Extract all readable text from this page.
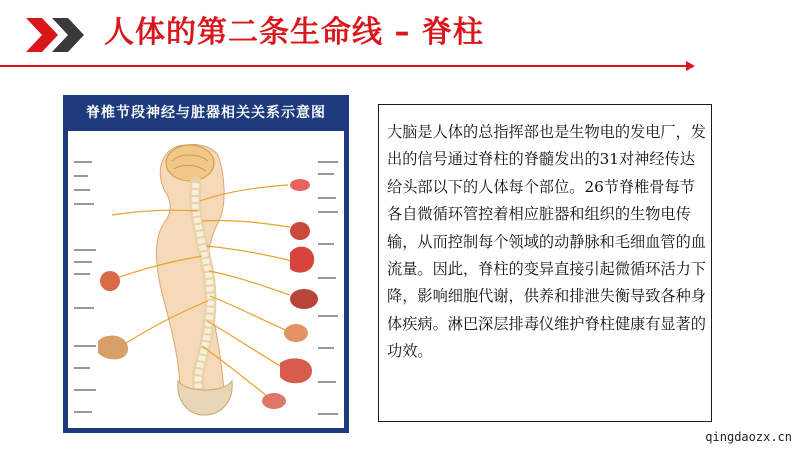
人体的第二条生命线 – 脊柱
脊椎节段神经与脏器相关关系示意图

大脑是人体的总指挥部也是生物电的发电厂，发出的信号通过脊柱的脊髓发出的31对神经传达给头部以下的人体每个部位。26节脊椎骨每节各自微循环管控着相应脏器和组织的生物电传输，从而控制每个领域的动静脉和毛细血管的血流量。因此，脊柱的变异直接引起微循环活力下降，影响细胞代谢，供养和排泄失衡导致各种身体疾病。淋巴深层排毒仪维护脊柱健康有显著的功效。

qingdaozx.cn
